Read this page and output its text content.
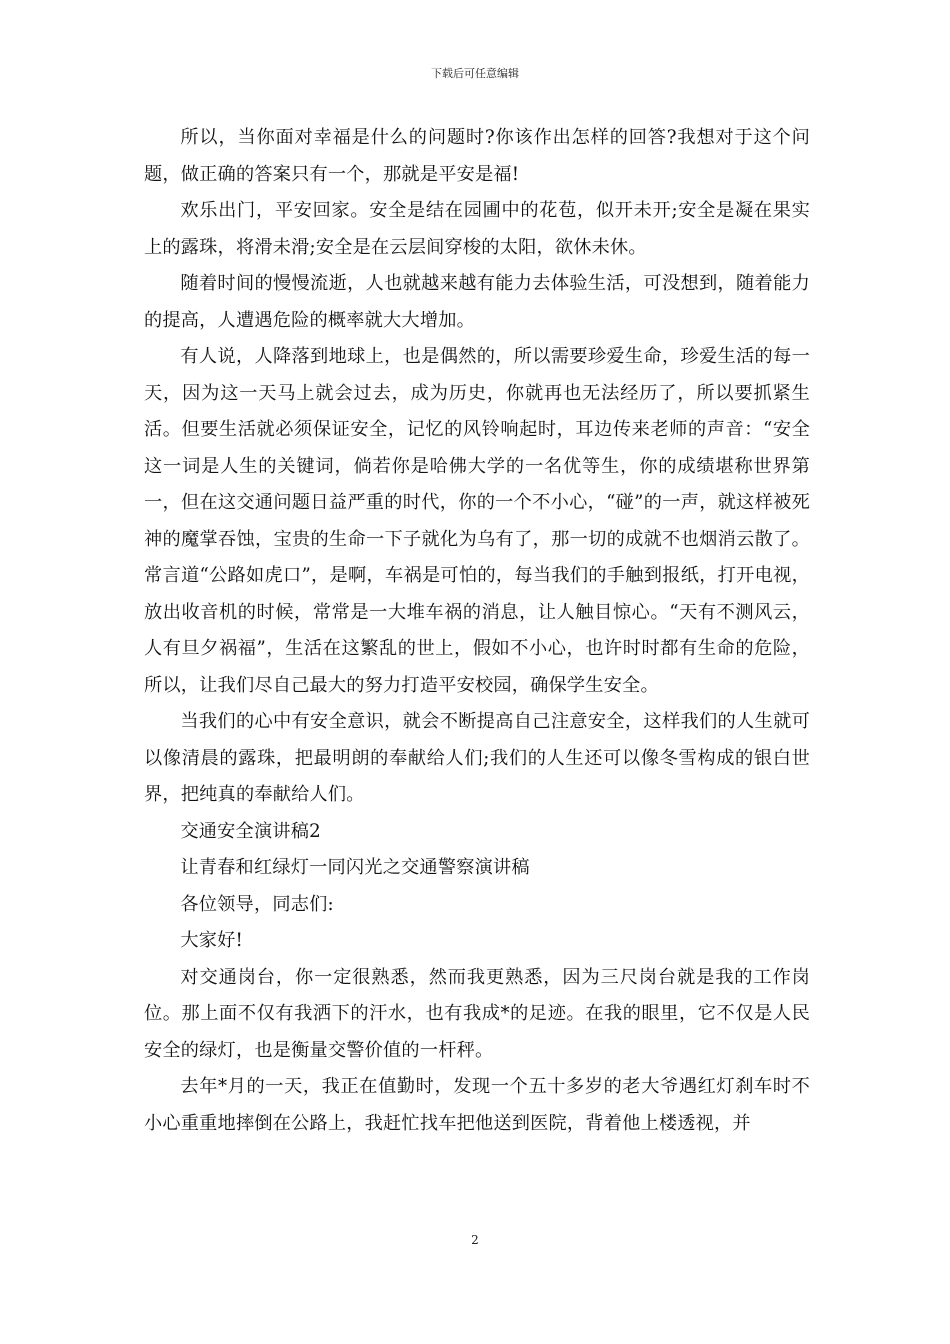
下载后可任意编辑

所以，当你面对幸福是什么的问题时?你该作出怎样的回答?我想对于这个问题，做正确的答案只有一个，那就是平安是福!

欢乐出门，平安回家。安全是结在园圃中的花苞，似开未开;安全是凝在果实上的露珠，将滑未滑;安全是在云层间穿梭的太阳，欲休未休。

随着时间的慢慢流逝，人也就越来越有能力去体验生活，可没想到，随着能力的提高，人遭遇危险的概率就大大增加。

有人说，人降落到地球上，也是偶然的，所以需要珍爱生命，珍爱生活的每一天，因为这一天马上就会过去，成为历史，你就再也无法经历了，所以要抓紧生活。但要生活就必须保证安全，记忆的风铃响起时，耳边传来老师的声音：“安全这一词是人生的关键词，倘若你是哈佛大学的一名优等生，你的成绩堪称世界第一，但在这交通问题日益严重的时代，你的一个不小心，“碰”的一声，就这样被死神的魔掌吞蚀，宝贵的生命一下子就化为乌有了，那一切的成就不也烟消云散了。常言道“公路如虎口”，是啊，车祸是可怕的，每当我们的手触到报纸，打开电视，放出收音机的时候，常常是一大堆车祸的消息，让人触目惊心。“天有不测风云，人有旦夕祸福”，生活在这繁乱的世上，假如不小心，也许时时都有生命的危险，所以，让我们尽自己最大的努力打造平安校园，确保学生安全。

当我们的心中有安全意识，就会不断提高自己注意安全，这样我们的人生就可以像清晨的露珠，把最明朗的奉献给人们;我们的人生还可以像冬雪构成的银白世界，把纯真的奉献给人们。

交通安全演讲稿2

让青春和红绿灯一同闪光之交通警察演讲稿

各位领导，同志们:

大家好!

对交通岗台，你一定很熟悉，然而我更熟悉，因为三尺岗台就是我的工作岗位。那上面不仅有我洒下的汗水，也有我成*的足迹。在我的眼里，它不仅是人民安全的绿灯，也是衡量交警价值的一杆秤。

去年*月的一天，我正在值勤时，发现一个五十多岁的老大爷遇红灯刹车时不小心重重地摔倒在公路上，我赶忙找车把他送到医院，背着他上楼透视，并

2
